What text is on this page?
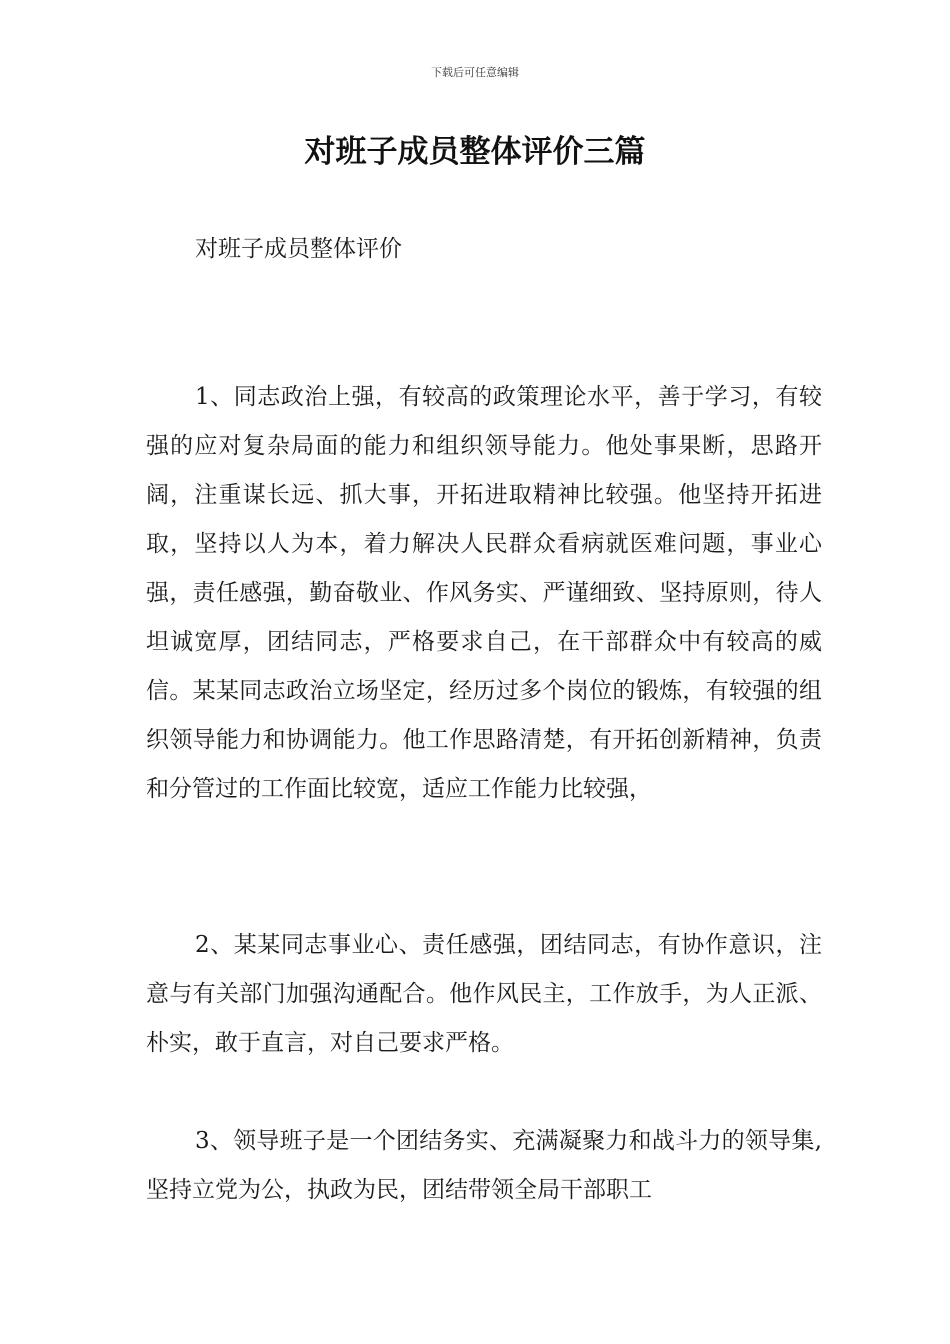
下载后可任意编辑
对班子成员整体评价三篇
对班子成员整体评价

1、同志政治上强，有较高的政策理论水平，善于学习，有较强的应对复杂局面的能力和组织领导能力。他处事果断，思路开阔，注重谋长远、抓大事，开拓进取精神比较强。他坚持开拓进取，坚持以人为本，着力解决人民群众看病就医难问题，事业心强，责任感强，勤奋敬业、作风务实、严谨细致、坚持原则，待人坦诚宽厚，团结同志，严格要求自己，在干部群众中有较高的威信。某某同志政治立场坚定，经历过多个岗位的锻炼，有较强的组织领导能力和协调能力。他工作思路清楚，有开拓创新精神，负责和分管过的工作面比较宽，适应工作能力比较强，

2、某某同志事业心、责任感强，团结同志，有协作意识，注意与有关部门加强沟通配合。他作风民主，工作放手，为人正派、朴实，敢于直言，对自己要求严格。

3、领导班子是一个团结务实、充满凝聚力和战斗力的领导集,坚持立党为公，执政为民，团结带领全局干部职工
